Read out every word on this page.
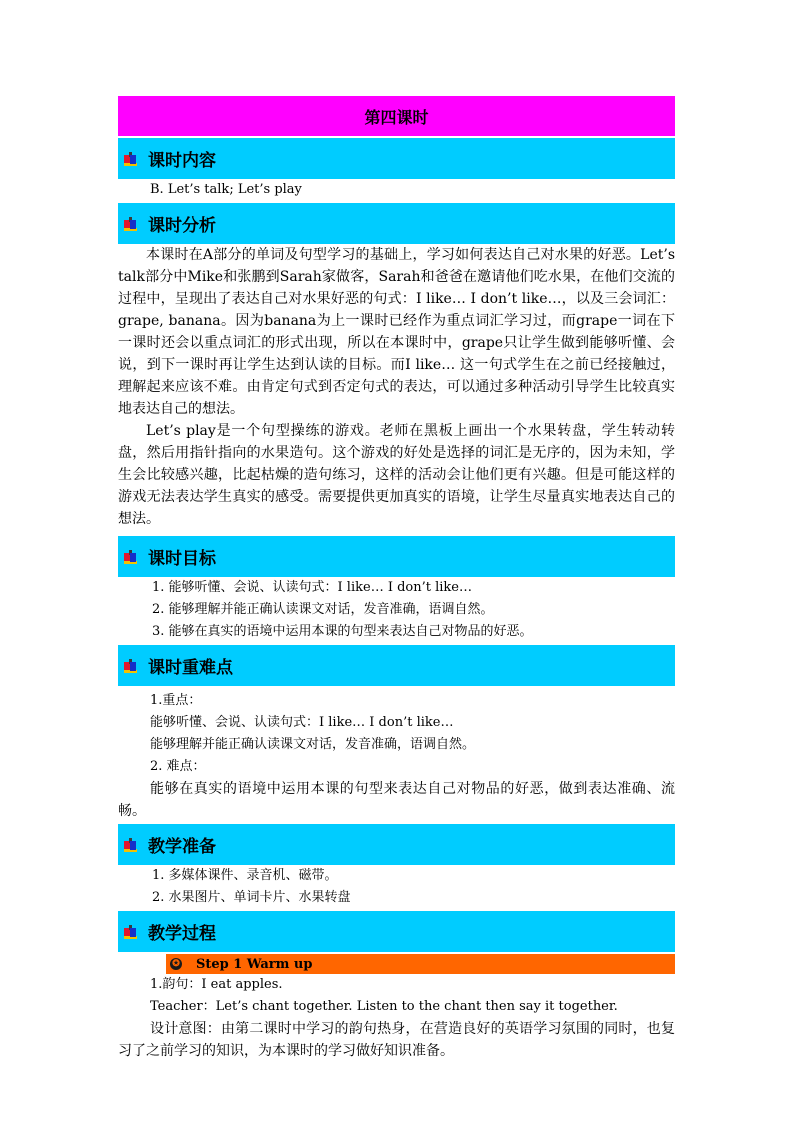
第四课时
课时内容
B. Let’s talk; Let’s play
课时分析

本课时在A部分的单词及句型学习的基础上，学习如何表达自己对水果的好恶。Let’s talk部分中Mike和张鹏到Sarah家做客，Sarah和爸爸在邀请他们吃水果，在他们交流的过程中，呈现出了表达自己对水果好恶的句式：I like… I don’t like…，以及三会词汇：grape, banana。因为banana为上一课时已经作为重点词汇学习过，而grape一词在下一课时还会以重点词汇的形式出现，所以在本课时中，grape只让学生做到能够听懂、会说，到下一课时再让学生达到认读的目标。而I like… 这一句式学生在之前已经接触过，理解起来应该不难。由肯定句式到否定句式的表达，可以通过多种活动引导学生比较真实地表达自己的想法。

Let’s play是一个句型操练的游戏。老师在黑板上画出一个水果转盘，学生转动转盘，然后用指针指向的水果造句。这个游戏的好处是选择的词汇是无序的，因为未知，学生会比较感兴趣，比起枯燥的造句练习，这样的活动会让他们更有兴趣。但是可能这样的游戏无法表达学生真实的感受。需要提供更加真实的语境，让学生尽量真实地表达自己的想法。

课时目标
1. 能够听懂、会说、认读句式：I like… I don’t like…
2. 能够理解并能正确认读课文对话，发音准确，语调自然。
3. 能够在真实的语境中运用本课的句型来表达自己对物品的好恶。
课时重难点
1.重点：
能够听懂、会说、认读句式：I like… I don’t like…
能够理解并能正确认读课文对话，发音准确，语调自然。
2. 难点：

能够在真实的语境中运用本课的句型来表达自己对物品的好恶，做到表达准确、流畅。

教学准备
1. 多媒体课件、录音机、磁带。
2. 水果图片、单词卡片、水果转盘
教学过程
✪ Step 1 Warm up
1.韵句：I eat apples.
Teacher：Let’s chant together. Listen to the chant then say it together.

设计意图：由第二课时中学习的韵句热身，在营造良好的英语学习氛围的同时，也复习了之前学习的知识，为本课时的学习做好知识准备。
